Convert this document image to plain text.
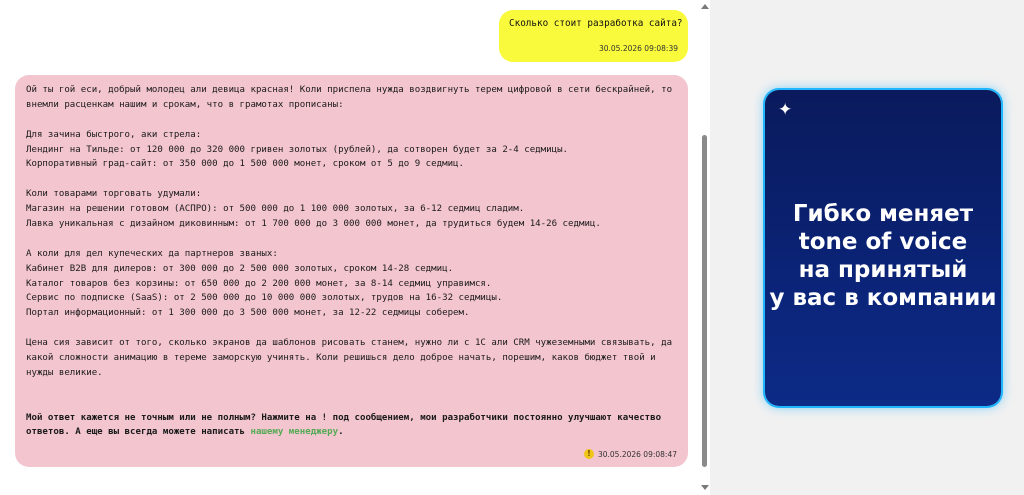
Сколько стоит разработка сайта?
30.05.2026 09:08:39
Ой ты гой еси, добрый молодец али девица красная! Коли приспела нужда воздвигнуть терем цифровой в сети бескрайней, то
внемли расценкам нашим и срокам, что в грамотах прописаны:
Для зачина быстрого, аки стрела:
Лендинг на Тильде: от 120 000 до 320 000 гривен золотых (рублей), да сотворен будет за 2-4 седмицы.
Корпоративный град-сайт: от 350 000 до 1 500 000 монет, сроком от 5 до 9 седмиц.
Коли товарами торговать удумали:
Магазин на решении готовом (АСПРО): от 500 000 до 1 100 000 золотых, за 6-12 седмиц сладим.
Лавка уникальная с дизайном диковинным: от 1 700 000 до 3 000 000 монет, да трудиться будем 14-26 седмиц.
А коли для дел купеческих да партнеров званых:
Кабинет B2B для дилеров: от 300 000 до 2 500 000 золотых, сроком 14-28 седмиц.
Каталог товаров без корзины: от 650 000 до 2 200 000 монет, за 8-14 седмиц управимся.
Сервис по подписке (SaaS): от 2 500 000 до 10 000 000 золотых, трудов на 16-32 седмицы.
Портал информационный: от 1 300 000 до 3 500 000 монет, за 12-22 седмицы соберем.
Цена сия зависит от того, сколько экранов да шаблонов рисовать станем, нужно ли с 1С али CRM чужеземными связывать, да
какой сложности анимацию в тереме заморскую учинять. Коли решишься дело доброе начать, порешим, каков бюджет твой и
нужды великие.
Мой ответ кажется не точным или не полным? Нажмите на ! под сообщением, мои разработчики постоянно улучшают качество
ответов. А еще вы всегда можете написать нашему менеджеру.
! 30.05.2026 09:08:47
✦
Гибко меняет
tone of voice
на принятый
у вас в компании
